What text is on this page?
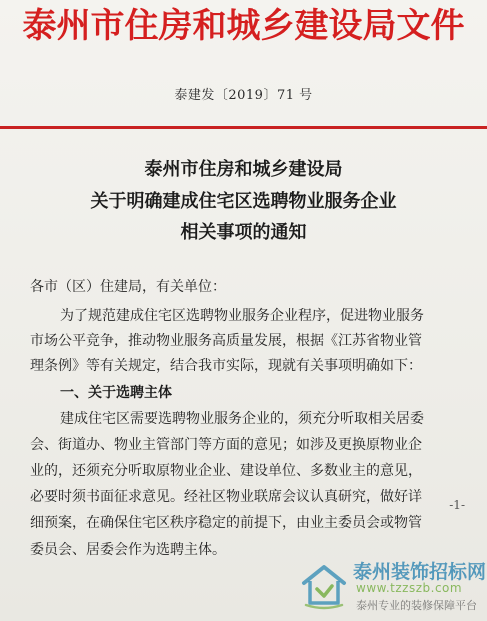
泰州市住房和城乡建设局文件
泰建发〔2019〕71 号
泰州市住房和城乡建设局
关于明确建成住宅区选聘物业服务企业
相关事项的通知
各市（区）住建局，有关单位：
为了规范建成住宅区选聘物业服务企业程序，促进物业服务
市场公平竞争，推动物业服务高质量发展，根据《江苏省物业管
理条例》等有关规定，结合我市实际，现就有关事项明确如下：
一、关于选聘主体
建成住宅区需要选聘物业服务企业的，须充分听取相关居委
会、街道办、物业主管部门等方面的意见；如涉及更换原物业企
业的，还须充分听取原物业企业、建设单位、多数业主的意见，
必要时须书面征求意见。经社区物业联席会议认真研究，做好详
细预案，在确保住宅区秩序稳定的前提下，由业主委员会或物管
委员会、居委会作为选聘主体。
-1-
泰州装饰招标网
www.tzzszb.com
泰州专业的装修保障平台
